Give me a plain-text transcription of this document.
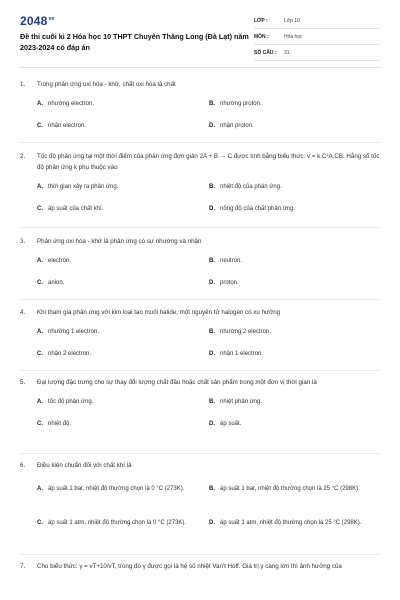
$2048^{vn}$
Đề thi cuối kì 2 Hóa học 10 THPT Chuyên Thăng Long (Đà Lạt) năm 2023-2024 có đáp án
LỚP :	Lớp 10
MÔN :	Hóa học
SỐ CÂU :	31
1.	Trong phản ứng oxi hóa - khử, chất oxi hóa là chất
A. nhường electron.	B. nhường proton.
C. nhận electron.	D. nhận proton.
2.	Tốc độ phản ứng tại một thời điểm của phản ứng đơn giản 2A + B → C được tính bằng biểu thức: v = k.C²A.CB. Hằng số tốc độ phản ứng k phụ thuộc vào
A. thời gian xảy ra phản ứng.	B. nhiệt độ của phản ứng.
C. áp suất của chất khí.	D. nồng độ của chất phản ứng.
3.	Phản ứng oxi hóa - khử là phản ứng có sự nhường và nhận
A. electron.	B. neutron.
C. anion.	D. proton.
4.	Khi tham gia phản ứng với kim loại tạo muối halide, một nguyên tử halogen có xu hướng
A. nhường 1 electron.	B. nhường 2 electron.
C. nhận 2 electron.	D. nhận 1 electron.
5.	Đại lượng đặc trưng cho sự thay đổi lượng chất đầu hoặc chất sản phẩm trong một đơn vị thời gian là
A. tốc độ phản ứng.	B. nhiệt phản ứng.
C. nhiệt độ.	D. áp suất.
6.	Điều kiện chuẩn đối với chất khí là
A. áp suất 1 bar, nhiệt độ thường chọn là 0 °C (273K).	B. áp suất 1 bar, nhiệt độ thường chọn là 25 °C (298K).
C. áp suất 1 atm, nhiệt độ thường chọn là 0 °C (273K).	D. áp suất 1 atm, nhiệt độ thường chọn là 25 °C (298K).
7.	Cho biểu thức: γ = vT+10/vT, trong đó γ được gọi là hệ số nhiệt Van't Hoff. Giá trị γ càng lớn thì ảnh hưởng của
